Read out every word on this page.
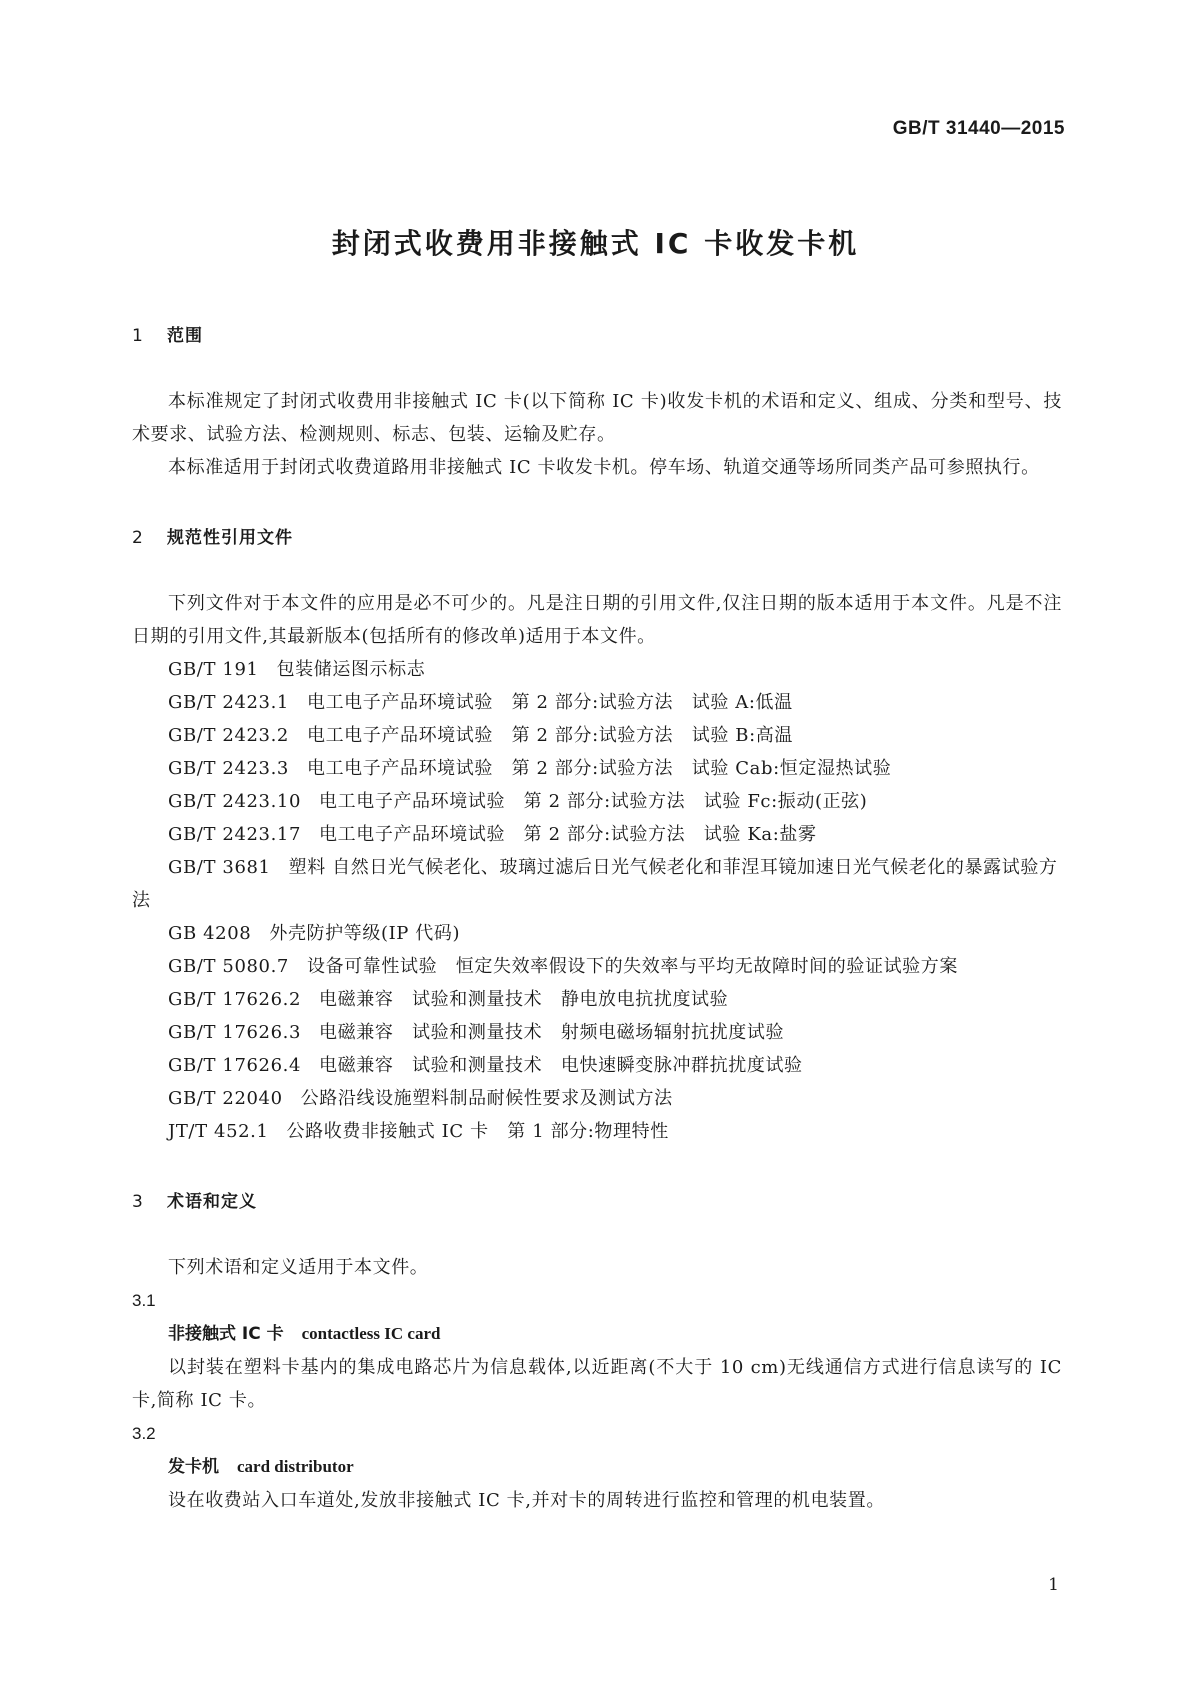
GB/T 31440—2015
封闭式收费用非接触式 IC 卡收发卡机
1 范围

本标准规定了封闭式收费用非接触式 IC 卡(以下简称 IC 卡)收发卡机的术语和定义、组成、分类和型号、技术要求、试验方法、检测规则、标志、包装、运输及贮存。

本标准适用于封闭式收费道路用非接触式 IC 卡收发卡机。停车场、轨道交通等场所同类产品可参照执行。

2 规范性引用文件

下列文件对于本文件的应用是必不可少的。凡是注日期的引用文件,仅注日期的版本适用于本文件。凡是不注日期的引用文件,其最新版本(包括所有的修改单)适用于本文件。

GB/T 191 包装储运图示标志
GB/T 2423.1 电工电子产品环境试验　第 2 部分:试验方法　试验 A:低温
GB/T 2423.2 电工电子产品环境试验　第 2 部分:试验方法　试验 B:高温
GB/T 2423.3 电工电子产品环境试验　第 2 部分:试验方法　试验 Cab:恒定湿热试验
GB/T 2423.10 电工电子产品环境试验　第 2 部分:试验方法　试验 Fc:振动(正弦)
GB/T 2423.17 电工电子产品环境试验　第 2 部分:试验方法　试验 Ka:盐雾
GB/T 3681 塑料 自然日光气候老化、玻璃过滤后日光气候老化和菲涅耳镜加速日光气候老化的暴露试验方法
GB 4208 外壳防护等级(IP 代码)
GB/T 5080.7 设备可靠性试验　恒定失效率假设下的失效率与平均无故障时间的验证试验方案
GB/T 17626.2 电磁兼容　试验和测量技术　静电放电抗扰度试验
GB/T 17626.3 电磁兼容　试验和测量技术　射频电磁场辐射抗扰度试验
GB/T 17626.4 电磁兼容　试验和测量技术　电快速瞬变脉冲群抗扰度试验
GB/T 22040 公路沿线设施塑料制品耐候性要求及测试方法
JT/T 452.1 公路收费非接触式 IC 卡　第 1 部分:物理特性
3 术语和定义

下列术语和定义适用于本文件。

3.1

非接触式 IC 卡 contactless IC card

以封装在塑料卡基内的集成电路芯片为信息载体,以近距离(不大于 10 cm)无线通信方式进行信息读写的 IC 卡,简称 IC 卡。

3.2

发卡机 card distributor

设在收费站入口车道处,发放非接触式 IC 卡,并对卡的周转进行监控和管理的机电装置。

1
